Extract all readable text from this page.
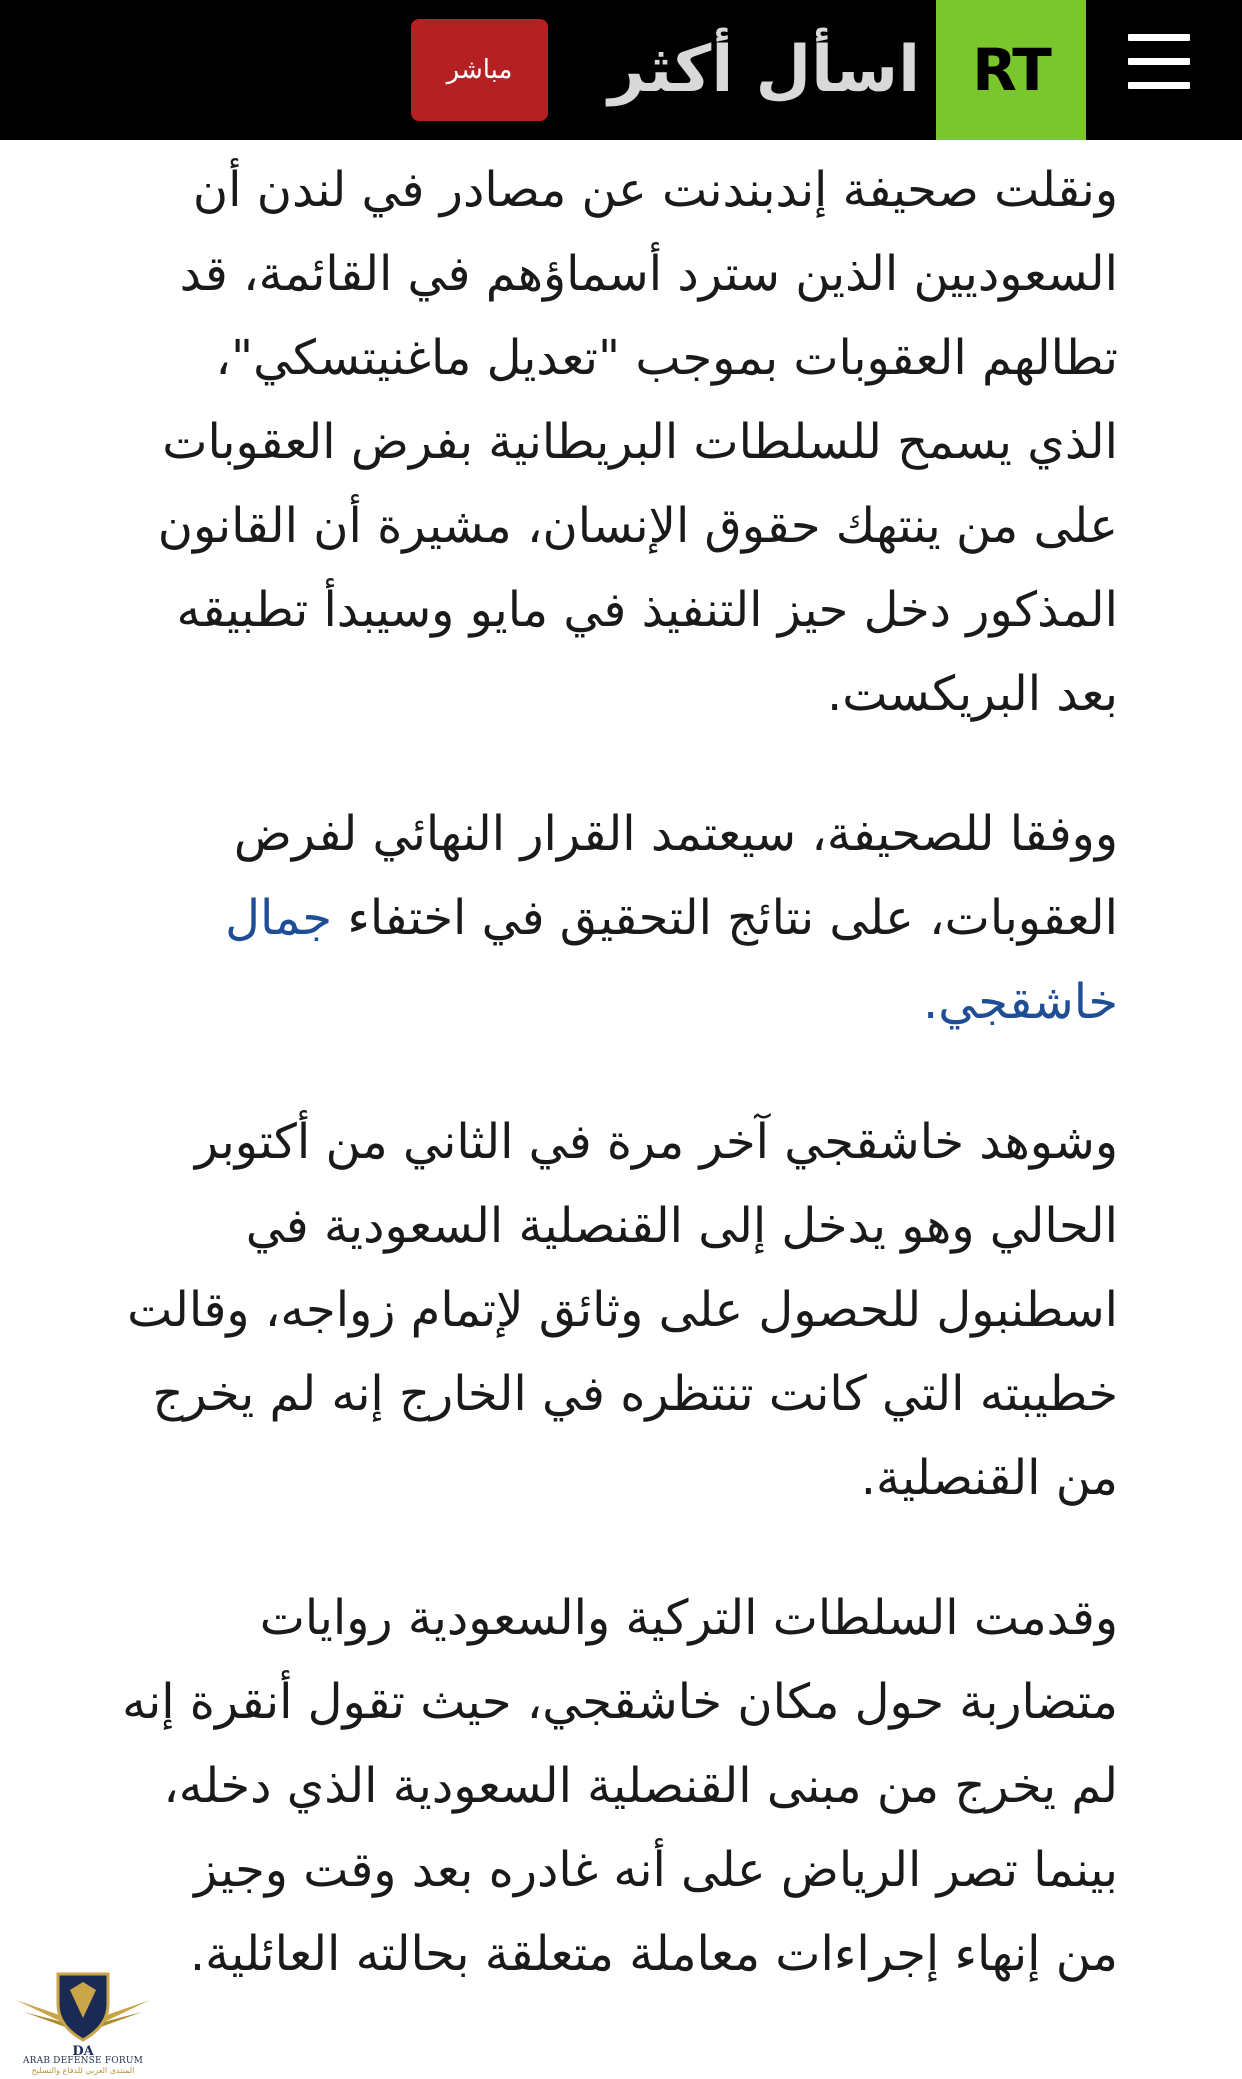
RT
اسأل أكثر
مباشر

ونقلت صحيفة إندبندنت عن مصادر في لندن أن السعوديين الذين سترد أسماؤهم في القائمة، قد تطالهم العقوبات بموجب "تعديل ماغنيتسكي"، الذي يسمح للسلطات البريطانية بفرض العقوبات على من ينتهك حقوق الإنسان، مشيرة أن القانون المذكور دخل حيز التنفيذ في مايو وسيبدأ تطبيقه بعد البريكست.

ووفقا للصحيفة، سيعتمد القرار النهائي لفرض العقوبات، على نتائج التحقيق في اختفاء جمال خاشقجي.

وشوهد خاشقجي آخر مرة في الثاني من أكتوبر الحالي وهو يدخل إلى القنصلية السعودية في اسطنبول للحصول على وثائق لإتمام زواجه، وقالت خطيبته التي كانت تنتظره في الخارج إنه لم يخرج من القنصلية.

وقدمت السلطات التركية والسعودية روايات متضاربة حول مكان خاشقجي، حيث تقول أنقرة إنه لم يخرج من مبنى القنصلية السعودية الذي دخله، بينما تصر الرياض على أنه غادره بعد وقت وجيز من إنهاء إجراءات معاملة متعلقة بحالته العائلية.

DA
ARAB DEFENSE FORUM
المنتدى العربي للدفاع والتسليح
